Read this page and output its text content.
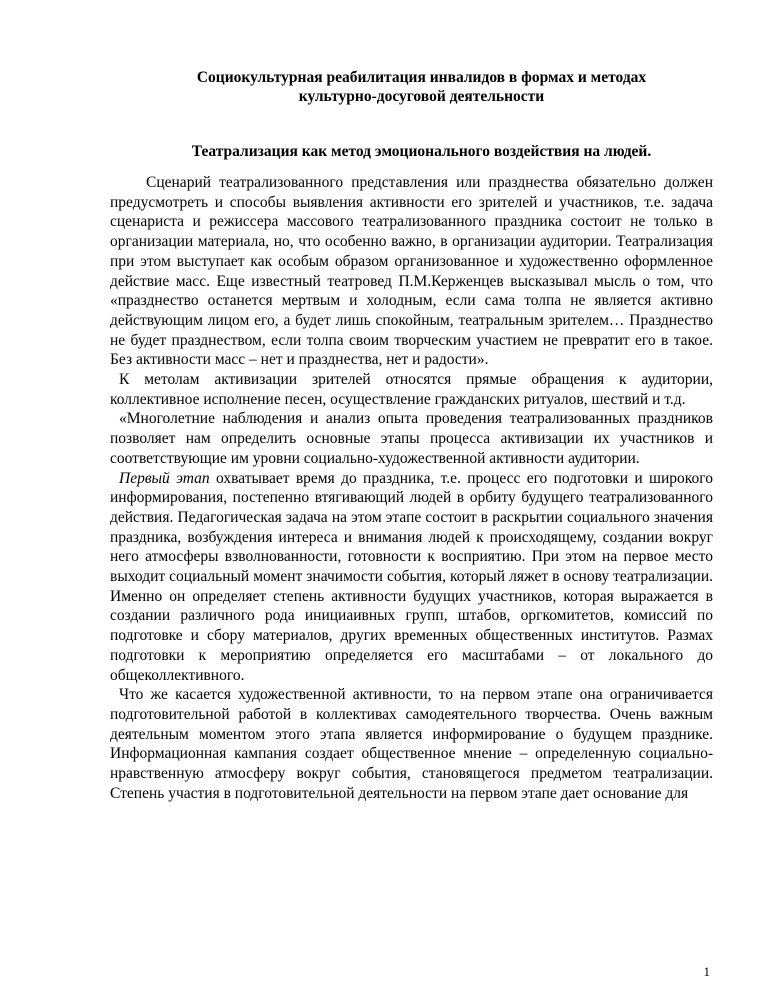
Социокультурная реабилитация инвалидов в формах и методах
культурно-досуговой деятельности
Театрализация как метод эмоционального воздействия на людей.

Сценарий театрализованного представления или празднества обязательно должен предусмотреть и способы выявления активности его зрителей и участников, т.е. задача сценариста и режиссера массового театрализованного праздника состоит не только в организации материала, но, что особенно важно, в организации аудитории. Театрализация при этом выступает как особым образом организованное и художественно оформленное действие масс. Еще известный театровед П.М.Керженцев высказывал мысль о том, что «празднество останется мертвым и холодным, если сама толпа не является активно действующим лицом его, а будет лишь спокойным, театральным зрителем… Празднество не будет празднеством, если толпа своим творческим участием не превратит его в такое. Без активности масс – нет и празднества, нет и радости».

К метолам активизации зрителей относятся прямые обращения к аудитории, коллективное исполнение песен, осуществление гражданских ритуалов, шествий и т.д.

«Многолетние наблюдения и анализ опыта проведения театрализованных праздников позволяет нам определить основные этапы процесса активизации их участников и соответствующие им уровни социально-художественной активности аудитории.

Первый этап охватывает время до праздника, т.е. процесс его подготовки и широкого информирования, постепенно втягивающий людей в орбиту будущего театрализованного действия. Педагогическая задача на этом этапе состоит в раскрытии социального значения праздника, возбуждения интереса и внимания людей к происходящему, создании вокруг него атмосферы взволнованности, готовности к восприятию. При этом на первое место выходит социальный момент значимости события, который ляжет в основу театрализации. Именно он определяет степень активности будущих участников, которая выражается в создании различного рода инициаивных групп, штабов, оргкомитетов, комиссий по подготовке и сбору материалов, других временных общественных институтов. Размах подготовки к мероприятию определяется его масштабами – от локального до общеколлективного.

Что же касается художественной активности, то на первом этапе она ограничивается подготовительной работой в коллективах самодеятельного творчества. Очень важным деятельным моментом этого этапа является информирование о будущем празднике. Информационная кампания создает общественное мнение – определенную социально-нравственную атмосферу вокруг события, становящегося предметом театрализации. Степень участия в подготовительной деятельности на первом этапе дает основание для

1
